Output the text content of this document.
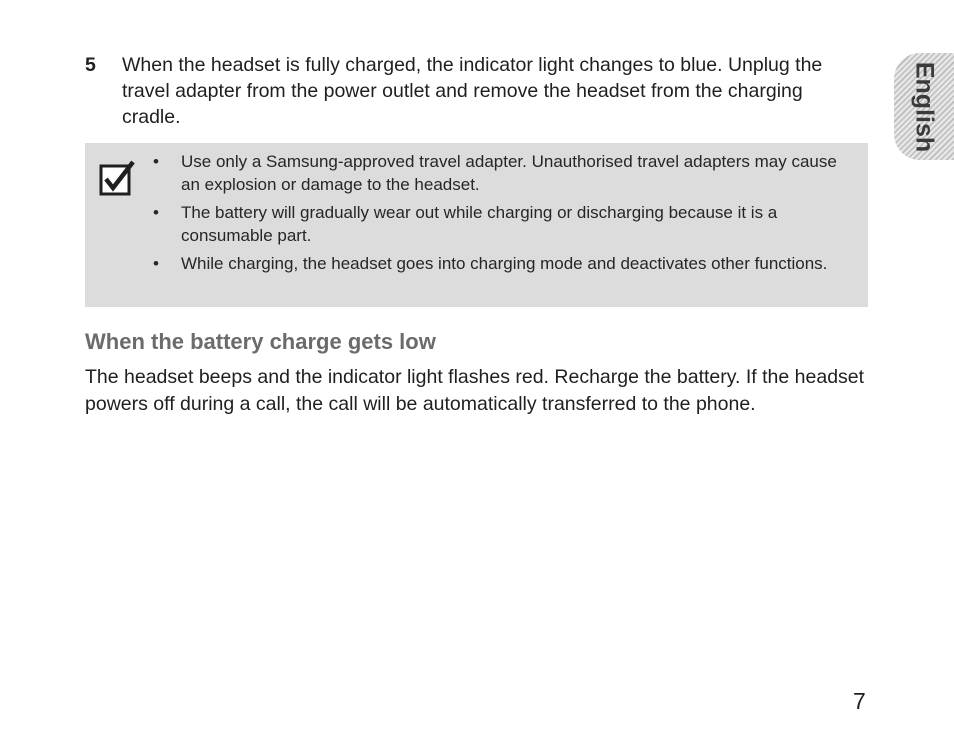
5 When the headset is fully charged, the indicator light changes to blue. Unplug the travel adapter from the power outlet and remove the headset from the charging cradle.
• Use only a Samsung-approved travel adapter. Unauthorised travel adapters may cause an explosion or damage to the headset.
• The battery will gradually wear out while charging or discharging because it is a consumable part.
• While charging, the headset goes into charging mode and deactivates other functions.
When the battery charge gets low

The headset beeps and the indicator light flashes red. Recharge the battery. If the headset powers off during a call, the call will be automatically transferred to the phone.

English
7
